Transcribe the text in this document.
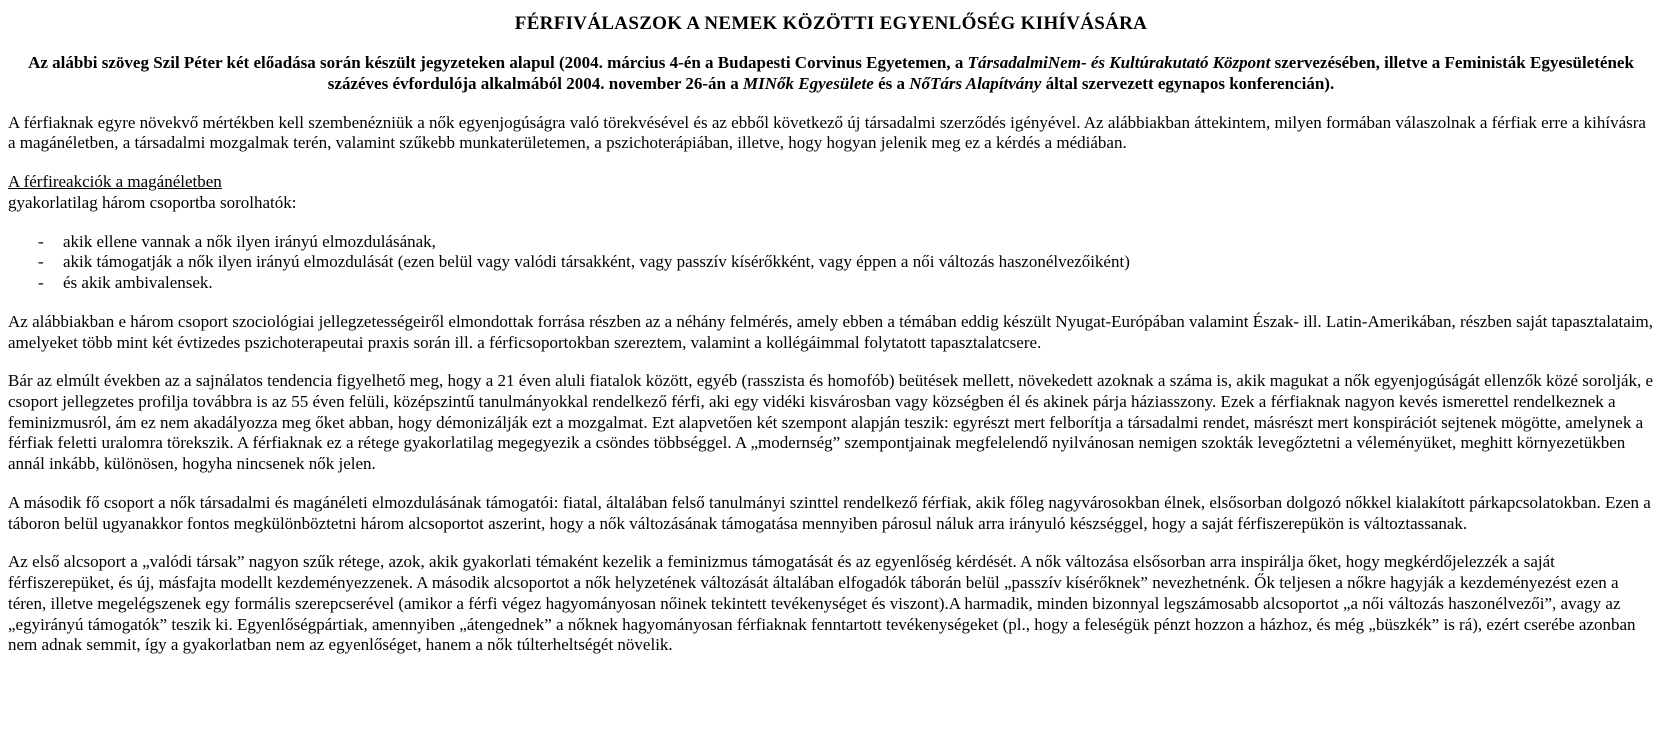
FÉRFIVÁLASZOK A NEMEK KÖZÖTTI EGYENLŐSÉG KIHÍVÁSÁRA

Az alábbi szöveg Szil Péter két előadása során készült jegyzeteken alapul (2004. március 4-én a Budapesti Corvinus Egyetemen, a TársadalmiNem- és Kultúrakutató Központ szervezésében, illetve a Feministák Egyesületének százéves évfordulója alkalmából 2004. november 26-án a MINők Egyesülete és a NőTárs Alapítvány által szervezett egynapos konferencián).

A férfiaknak egyre növekvő mértékben kell szembenézniük a nők egyenjogúságra való törekvésével és az ebből következő új társadalmi szerződés igényével. Az alábbiakban áttekintem, milyen formában válaszolnak a férfiak erre a kihívásra a magánéletben, a társadalmi mozgalmak terén, valamint szűkebb munkaterületemen, a pszichoterápiában, illetve, hogy hogyan jelenik meg ez a kérdés a médiában.

A férfireakciók a magánéletben
gyakorlatilag három csoportba sorolhatók:
- akik ellene vannak a nők ilyen irányú elmozdulásának,
- akik támogatják a nők ilyen irányú elmozdulását (ezen belül vagy valódi társakként, vagy passzív kísérőkként, vagy éppen a női változás haszonélvezőiként)
- és akik ambivalensek.

Az alábbiakban e három csoport szociológiai jellegzetességeiről elmondottak forrása részben az a néhány felmérés, amely ebben a témában eddig készült Nyugat-Európában valamint Észak- ill. Latin-Amerikában, részben saját tapasztalataim, amelyeket több mint két évtizedes pszichoterapeutai praxis során ill. a férficsoportokban szereztem, valamint a kollégáimmal folytatott tapasztalatcsere.

Bár az elmúlt években az a sajnálatos tendencia figyelhető meg, hogy a 21 éven aluli fiatalok között, egyéb (rasszista és homofób) beütések mellett, növekedett azoknak a száma is, akik magukat a nők egyenjogúságát ellenzők közé sorolják, e csoport jellegzetes profilja továbbra is az 55 éven felüli, középszintű tanulmányokkal rendelkező férfi, aki egy vidéki kisvárosban vagy községben él és akinek párja háziasszony. Ezek a férfiaknak nagyon kevés ismerettel rendelkeznek a feminizmusról, ám ez nem akadályozza meg őket abban, hogy démonizálják ezt a mozgalmat. Ezt alapvetően két szempont alapján teszik: egyrészt mert felborítja a társadalmi rendet, másrészt mert konspirációt sejtenek mögötte, amelynek a férfiak feletti uralomra törekszik. A férfiaknak ez a rétege gyakorlatilag megegyezik a csöndes többséggel. A „modernség” szempontjainak megfelelendő nyilvánosan nemigen szokták levegőztetni a véleményüket, meghitt környezetükben annál inkább, különösen, hogyha nincsenek nők jelen.

A második fő csoport a nők társadalmi és magánéleti elmozdulásának támogatói: fiatal, általában felső tanulmányi szinttel rendelkező férfiak, akik főleg nagyvárosokban élnek, elsősorban dolgozó nőkkel kialakított párkapcsolatokban. Ezen a táboron belül ugyanakkor fontos megkülönböztetni három alcsoportot aszerint, hogy a nők változásának támogatása mennyiben párosul náluk arra irányuló készséggel, hogy a saját férfiszerepükön is változtassanak.

Az első alcsoport a „valódi társak” nagyon szűk rétege, azok, akik gyakorlati témaként kezelik a feminizmus támogatását és az egyenlőség kérdését. A nők változása elsősorban arra inspirálja őket, hogy megkérdőjelezzék a saját férfiszerepüket, és új, másfajta modellt kezdeményezzenek. A második alcsoportot a nők helyzetének változását általában elfogadók táborán belül „passzív kísérőknek” nevezhetnénk. Ők teljesen a nőkre hagyják a kezdeményezést ezen a téren, illetve megelégszenek egy formális szerepcserével (amikor a férfi végez hagyományosan nőinek tekintett tevékenységet és viszont).A harmadik, minden bizonnyal legszámosabb alcsoportot „a női változás haszonélvezői”, avagy az „egyirányú támogatók” teszik ki. Egyenlőségpártiak, amennyiben „átengednek” a nőknek hagyományosan férfiaknak fenntartott tevékenységeket (pl., hogy a feleségük pénzt hozzon a házhoz, és még „büszkék” is rá), ezért cserébe azonban nem adnak semmit, így a gyakorlatban nem az egyenlőséget, hanem a nők túlterheltségét növelik.
